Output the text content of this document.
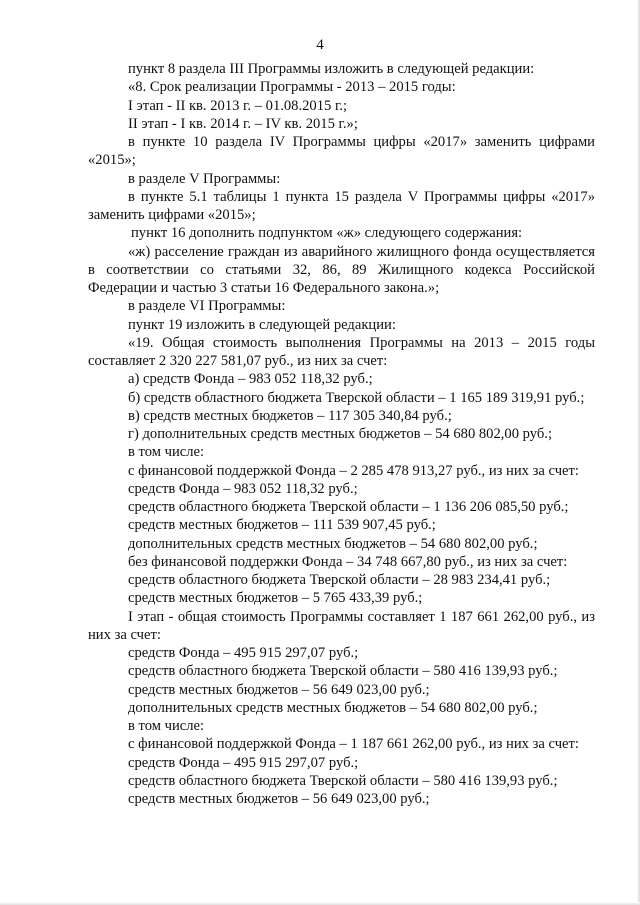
4
пункт 8 раздела III Программы изложить в следующей редакции:
«8. Срок реализации Программы - 2013 – 2015 годы:
I этап - II кв. 2013 г. – 01.08.2015 г.;
II этап - I кв. 2014 г. – IV кв. 2015 г.»;
в пункте 10 раздела IV Программы цифры «2017» заменить цифрами «2015»;
в разделе V Программы:
в пункте 5.1 таблицы 1 пункта 15 раздела V Программы цифры «2017» заменить цифрами «2015»;
пункт 16 дополнить подпунктом «ж» следующего содержания:
«ж) расселение граждан из аварийного жилищного фонда осуществляется в соответствии со статьями 32, 86, 89 Жилищного кодекса Российской Федерации и частью 3 статьи 16 Федерального закона.»;
в разделе VI Программы:
пункт 19 изложить в следующей редакции:
«19. Общая стоимость выполнения Программы на 2013 – 2015 годы составляет 2 320 227 581,07 руб., из них за счет:
а) средств Фонда – 983 052 118,32 руб.;
б) средств областного бюджета Тверской области – 1 165 189 319,91 руб.;
в) средств местных бюджетов – 117 305 340,84 руб.;
г) дополнительных средств местных бюджетов – 54 680 802,00 руб.;
в том числе:
с финансовой поддержкой Фонда – 2 285 478 913,27 руб., из них за счет:
средств Фонда – 983 052 118,32 руб.;
средств областного бюджета Тверской области – 1 136 206 085,50 руб.;
средств местных бюджетов – 111 539 907,45 руб.;
дополнительных средств местных бюджетов – 54 680 802,00 руб.;
без финансовой поддержки Фонда – 34 748 667,80 руб., из них за счет:
средств областного бюджета Тверской области – 28 983 234,41 руб.;
средств местных бюджетов – 5 765 433,39 руб.;
I этап - общая стоимость Программы составляет 1 187 661 262,00 руб., из них за счет:
средств Фонда – 495 915 297,07 руб.;
средств областного бюджета Тверской области – 580 416 139,93 руб.;
средств местных бюджетов – 56 649 023,00 руб.;
дополнительных средств местных бюджетов – 54 680 802,00 руб.;
в том числе:
с финансовой поддержкой Фонда – 1 187 661 262,00 руб., из них за счет:
средств Фонда – 495 915 297,07 руб.;
средств областного бюджета Тверской области – 580 416 139,93 руб.;
средств местных бюджетов – 56 649 023,00 руб.;
